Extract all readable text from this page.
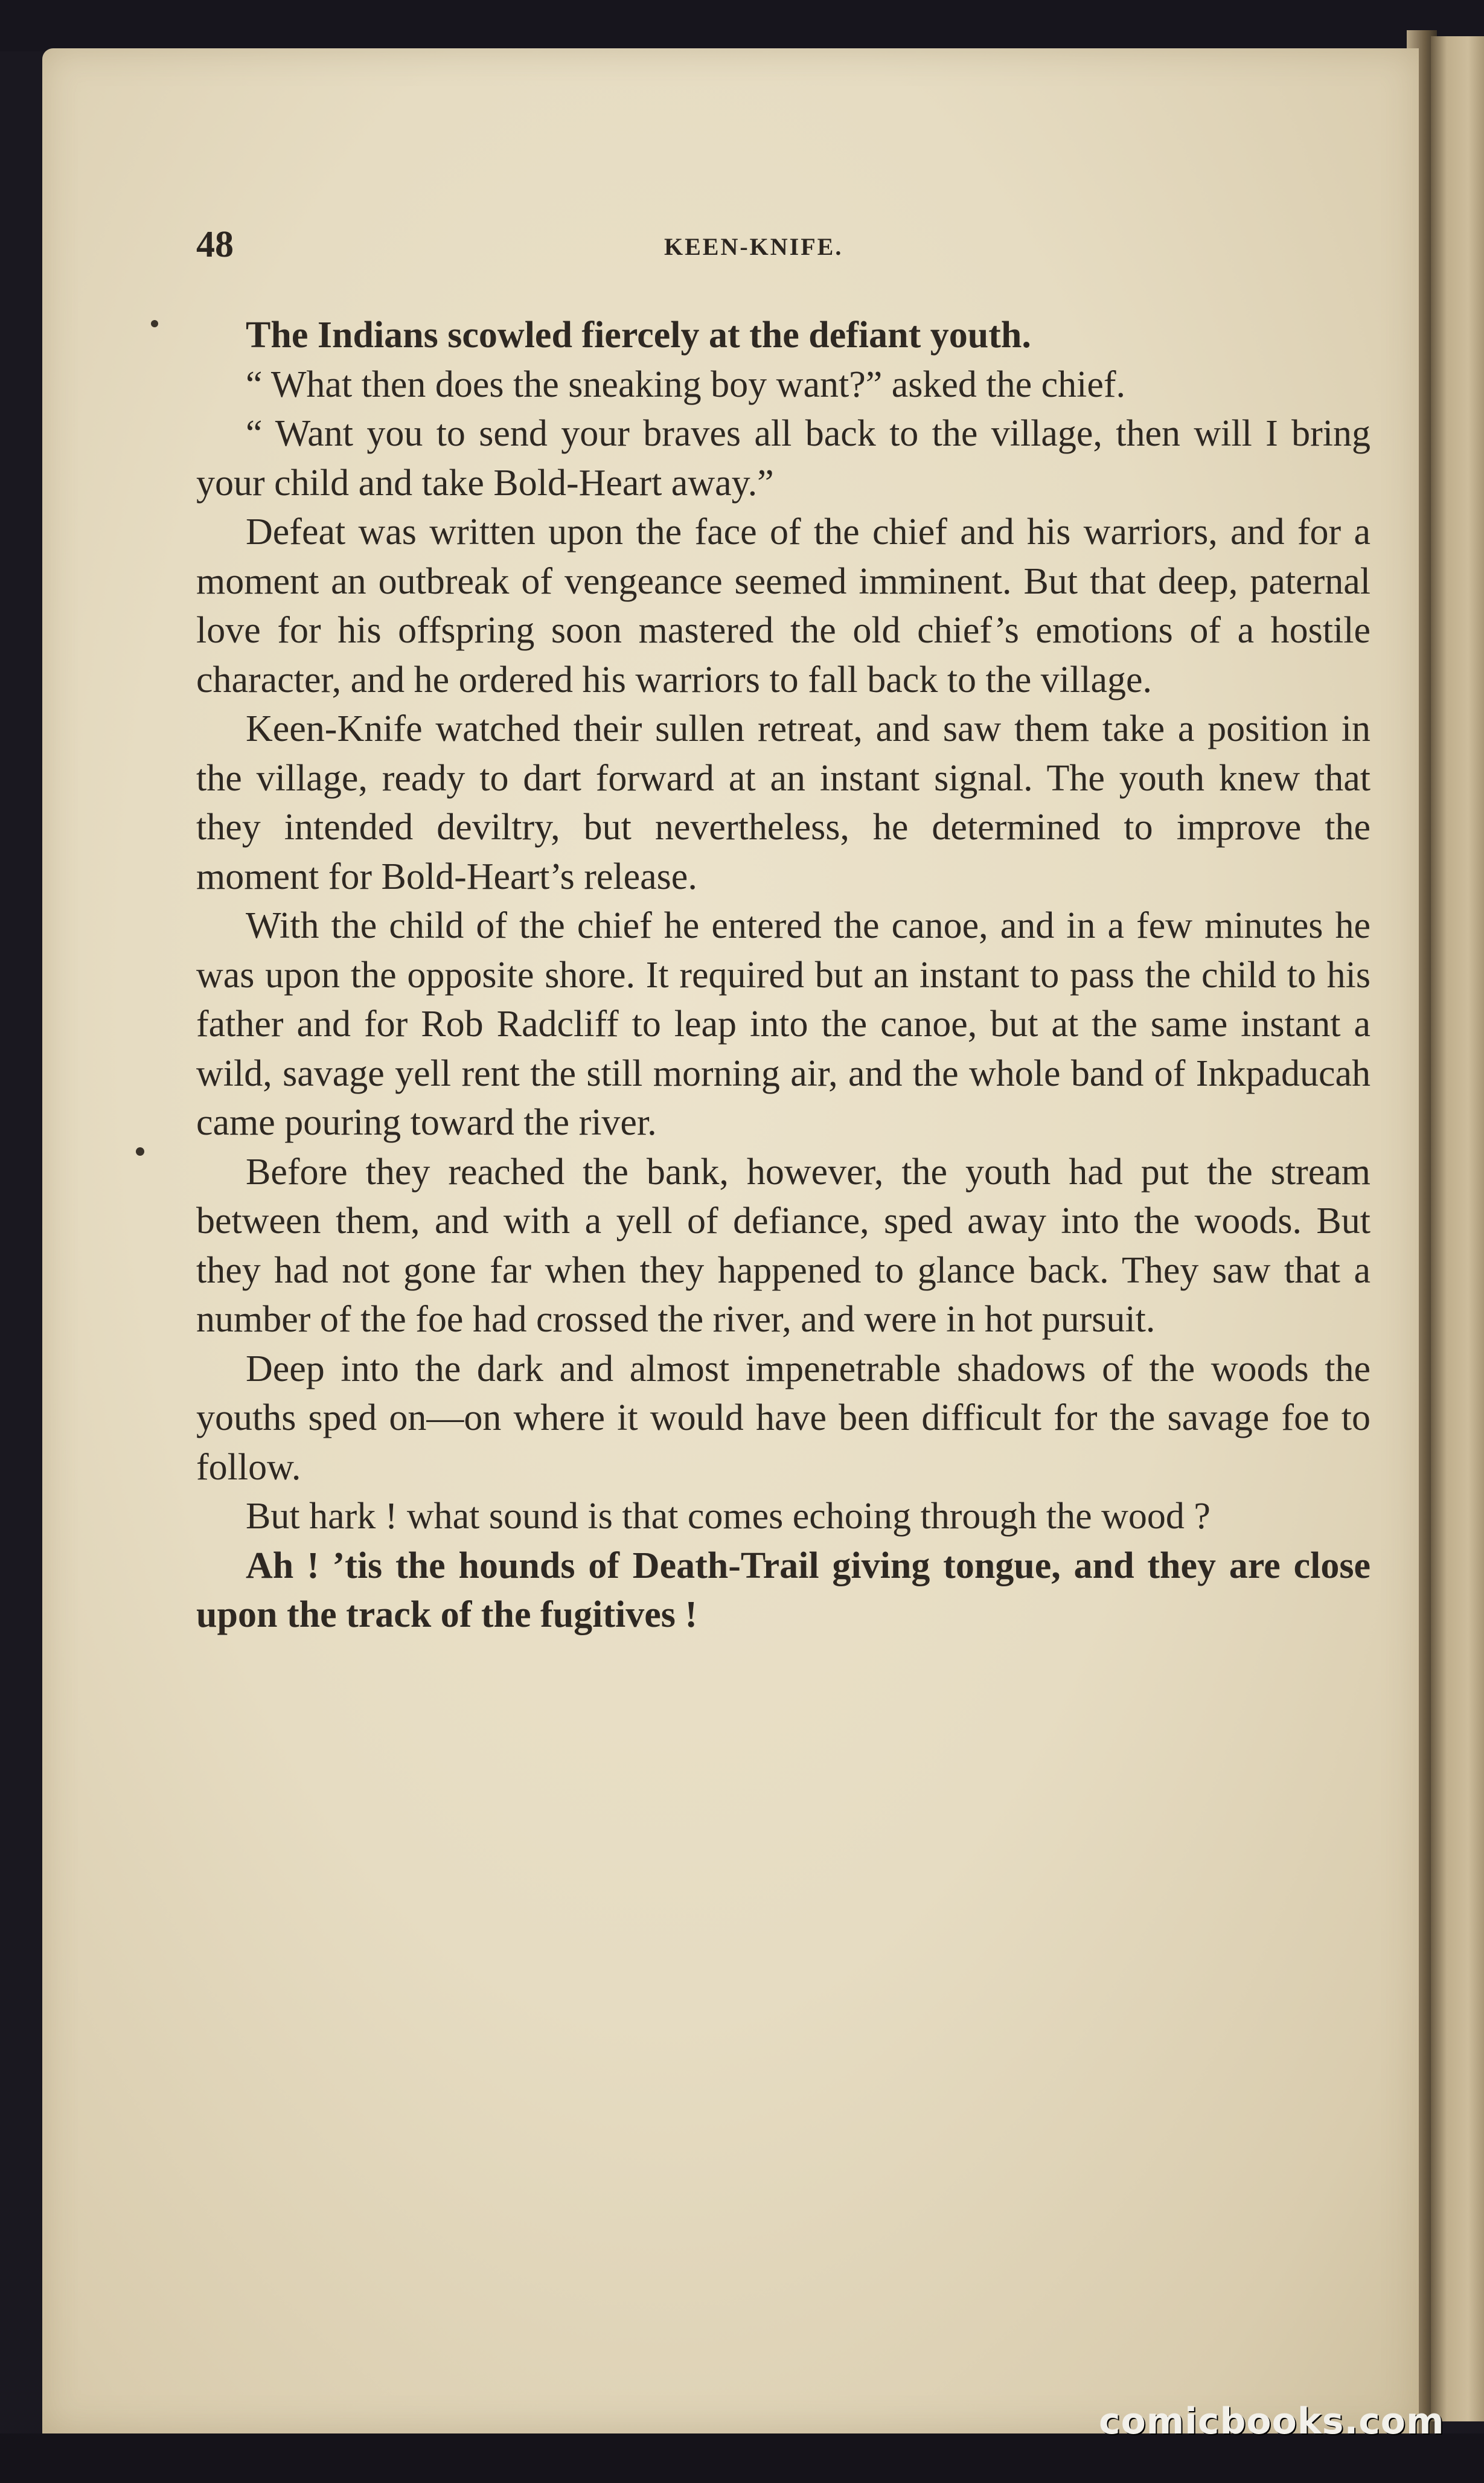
48	KEEN-KNIFE.

The Indians scowled fiercely at the defiant youth.

“ What then does the sneaking boy want?” asked the chief.

“ Want you to send your braves all back to the village, then will I bring your child and take Bold-Heart away.”

Defeat was written upon the face of the chief and his warriors, and for a moment an outbreak of vengeance seemed imminent. But that deep, paternal love for his offspring soon mastered the old chief’s emotions of a hostile character, and he ordered his warriors to fall back to the village.

Keen-Knife watched their sullen retreat, and saw them take a position in the village, ready to dart forward at an instant signal. The youth knew that they intended deviltry, but nevertheless, he determined to improve the moment for Bold-Heart’s release.

With the child of the chief he entered the canoe, and in a few minutes he was upon the opposite shore. It required but an instant to pass the child to his father and for Rob Radcliff to leap into the canoe, but at the same instant a wild, savage yell rent the still morning air, and the whole band of Inkpaducah came pouring toward the river.

Before they reached the bank, however, the youth had put the stream between them, and with a yell of defiance, sped away into the woods. But they had not gone far when they happened to glance back. They saw that a number of the foe had crossed the river, and were in hot pursuit.

Deep into the dark and almost impenetrable shadows of the woods the youths sped on—on where it would have been difficult for the savage foe to follow.

But hark ! what sound is that comes echoing through the wood ?

Ah ! ’tis the hounds of Death-Trail giving tongue, and they are close upon the track of the fugitives !

comicbooks.com
